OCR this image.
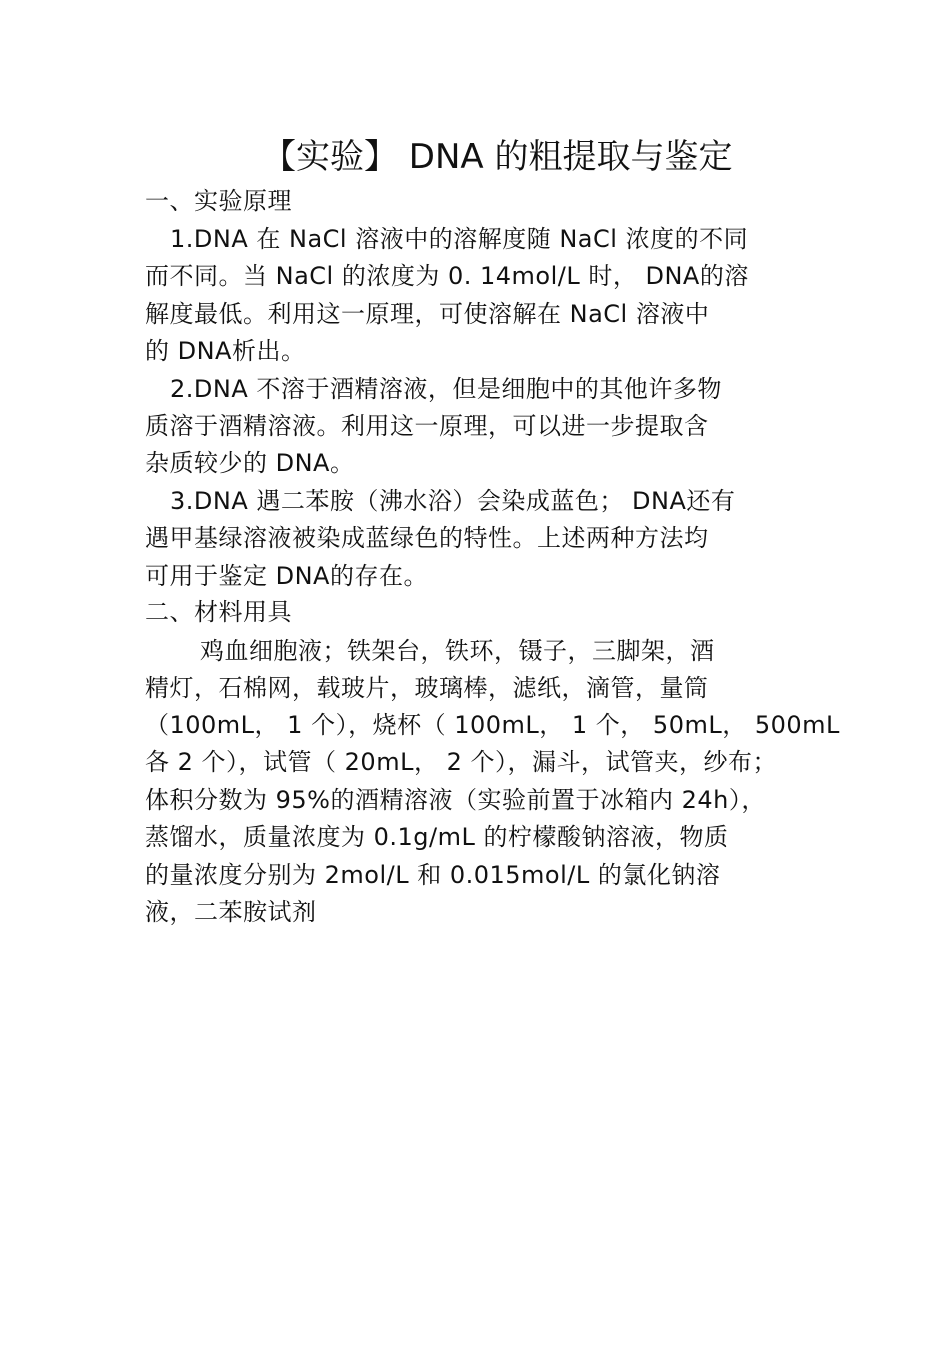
【实验】 DNA 的粗提取与鉴定
一、实验原理
1.DNA 在 NaCl 溶液中的溶解度随 NaCl 浓度的不同
而不同。当 NaCl 的浓度为 0. 14mol/L 时， DNA的溶
解度最低。利用这一原理，可使溶解在 NaCl 溶液中
的 DNA析出。
2.DNA 不溶于酒精溶液，但是细胞中的其他许多物
质溶于酒精溶液。利用这一原理，可以进一步提取含
杂质较少的 DNA。
3.DNA 遇二苯胺（沸水浴）会染成蓝色； DNA还有
遇甲基绿溶液被染成蓝绿色的特性。上述两种方法均
可用于鉴定 DNA的存在。
二、材料用具
鸡血细胞液；铁架台，铁环，镊子，三脚架，酒
精灯，石棉网，载玻片，玻璃棒，滤纸，滴管，量筒
（100mL， 1 个），烧杯（ 100mL， 1 个， 50mL， 500mL
各 2 个），试管（ 20mL， 2 个），漏斗，试管夹，纱布；
体积分数为 95%的酒精溶液（实验前置于冰箱内 24h），
蒸馏水，质量浓度为 0.1g/mL 的柠檬酸钠溶液，物质
的量浓度分别为 2mol/L 和 0.015mol/L 的氯化钠溶
液，二苯胺试剂
